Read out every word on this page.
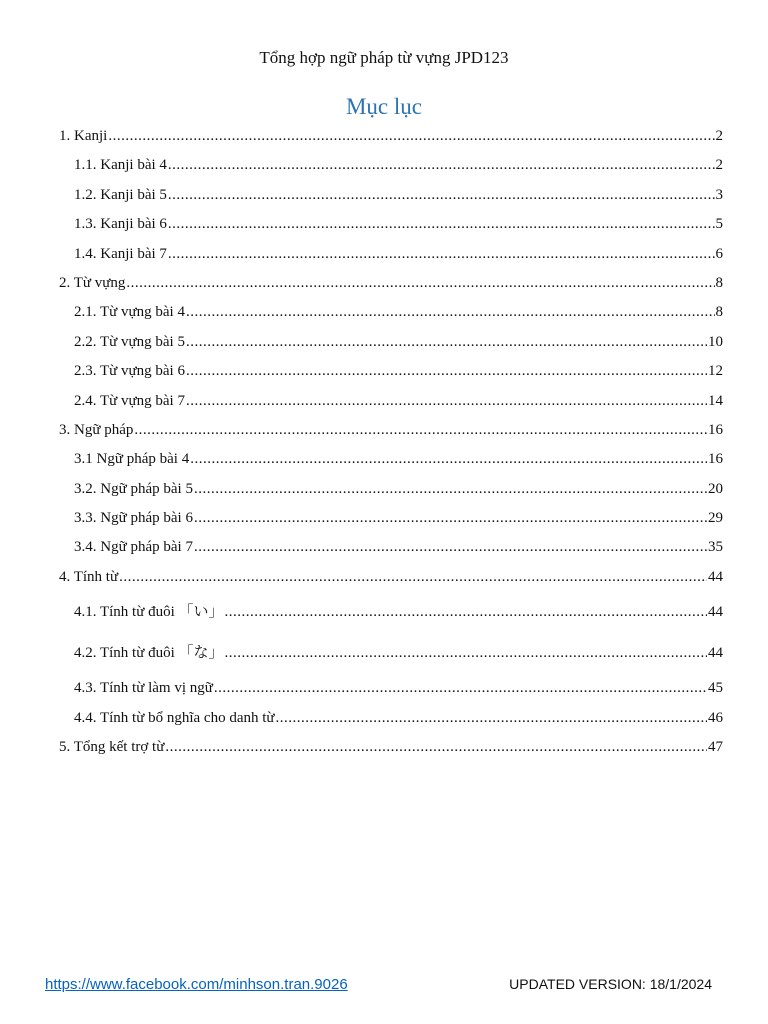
Tổng hợp ngữ pháp từ vựng JPD123
Mục lục
1. Kanji .....	2
1.1. Kanji bài 4 .....	2
1.2. Kanji bài 5 .....	3
1.3. Kanji bài 6 .....	5
1.4. Kanji bài 7 .....	6
2. Từ vựng .....	8
2.1. Từ vựng bài 4 .....	8
2.2. Từ vựng bài 5 .....	10
2.3. Từ vựng bài 6 .....	12
2.4. Từ vựng bài 7 .....	14
3. Ngữ pháp .....	16
3.1 Ngữ pháp bài 4 .....	16
3.2. Ngữ pháp bài 5 .....	20
3.3. Ngữ pháp bài 6 .....	29
3.4. Ngữ pháp bài 7 .....	35
4. Tính từ .....	44
4.1. Tính từ đuôi 「い」 .....	44
4.2. Tính từ đuôi 「な」 .....	44
4.3. Tính từ làm vị ngữ .....	45
4.4. Tính từ bổ nghĩa cho danh từ .....	46
5. Tổng kết trợ từ .....	47
https://www.facebook.com/minhson.tran.9026	UPDATED VERSION: 18/1/2024
